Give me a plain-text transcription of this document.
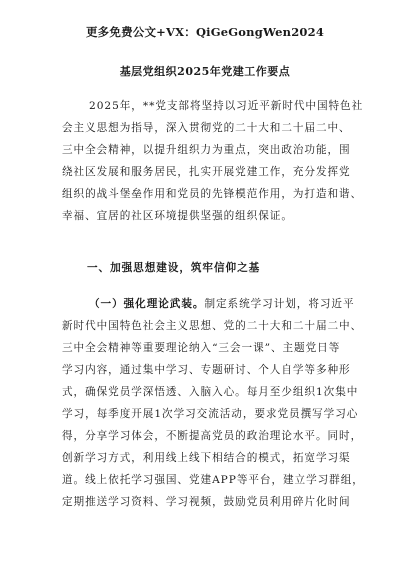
更多免费公文+VX：QiGeGongWen2024
基层党组织2025年党建工作要点
2025年，**党支部将坚持以习近平新时代中国特色社
会主义思想为指导，深入贯彻党的二十大和二十届二中、
三中全会精神，以提升组织力为重点，突出政治功能，围
绕社区发展和服务居民，扎实开展党建工作，充分发挥党
组织的战斗堡垒作用和党员的先锋模范作用，为打造和谐、
幸福、宜居的社区环境提供坚强的组织保证。
一、加强思想建设，筑牢信仰之基
（一）强化理论武装。制定系统学习计划，将习近平
新时代中国特色社会主义思想、党的二十大和二十届二中、
三中全会精神等重要理论纳入“三会一课”、主题党日等
学习内容，通过集中学习、专题研讨、个人自学等多种形
式，确保党员学深悟透、入脑入心。每月至少组织1次集中
学习，每季度开展1次学习交流活动，要求党员撰写学习心
得，分享学习体会，不断提高党员的政治理论水平。同时，
创新学习方式，利用线上线下相结合的模式，拓宽学习渠
道。线上依托学习强国、党建APP等平台，建立学习群组，
定期推送学习资料、学习视频，鼓励党员利用碎片化时间
